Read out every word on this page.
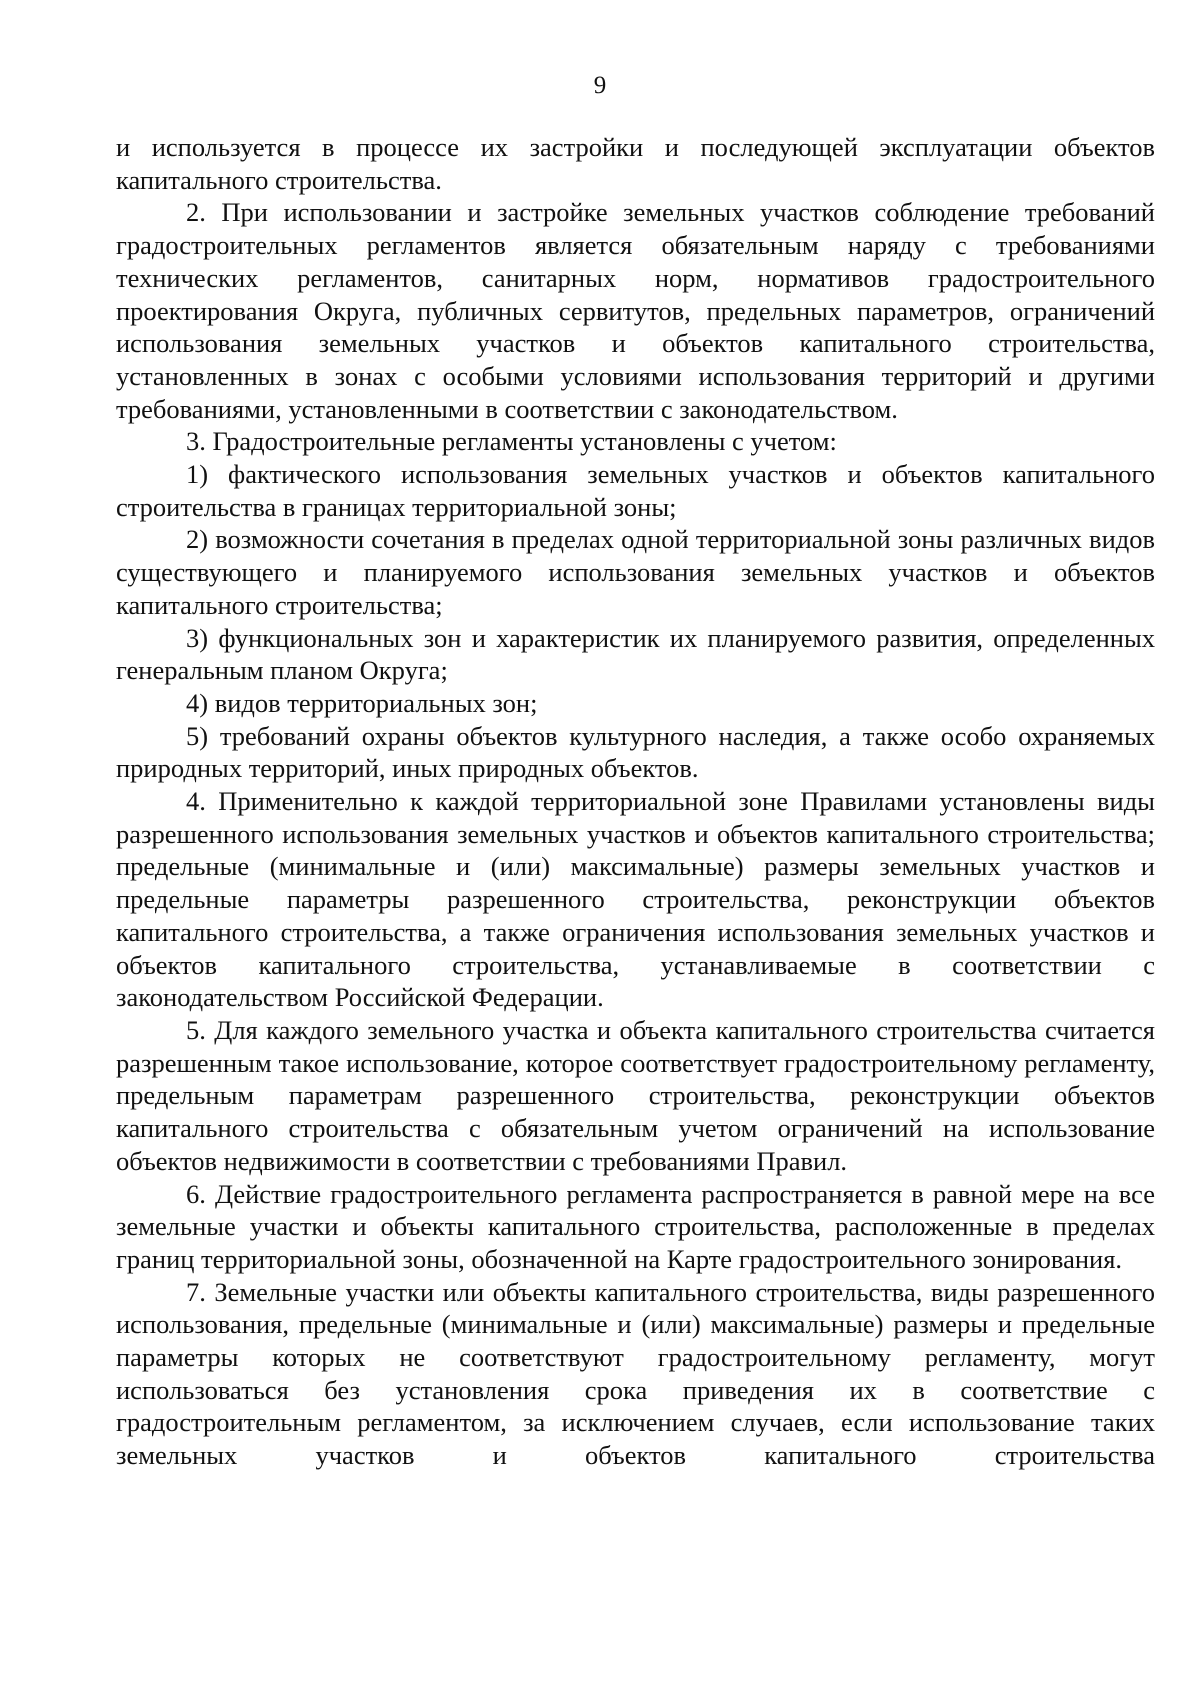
9

и используется в процессе их застройки и последующей эксплуатации объектов капитального строительства.

2. При использовании и застройке земельных участков соблюдение требований градостроительных регламентов является обязательным наряду с требованиями технических регламентов, санитарных норм, нормативов градостроительного проектирования Округа, публичных сервитутов, предельных параметров, ограничений использования земельных участков и объектов капитального строительства, установленных в зонах с особыми условиями использования территорий и другими требованиями, установленными в соответствии с законодательством.

3. Градостроительные регламенты установлены с учетом:

1) фактического использования земельных участков и объектов капитального строительства в границах территориальной зоны;

2) возможности сочетания в пределах одной территориальной зоны различных видов существующего и планируемого использования земельных участков и объектов капитального строительства;

3) функциональных зон и характеристик их планируемого развития, определенных генеральным планом Округа;

4) видов территориальных зон;

5) требований охраны объектов культурного наследия, а также особо охраняемых природных территорий, иных природных объектов.

4. Применительно к каждой территориальной зоне Правилами установлены виды разрешенного использования земельных участков и объектов капитального строительства; предельные (минимальные и (или) максимальные) размеры земельных участков и предельные параметры разрешенного строительства, реконструкции объектов капитального строительства, а также ограничения использования земельных участков и объектов капитального строительства, устанавливаемые в соответствии с законодательством Российской Федерации.

5. Для каждого земельного участка и объекта капитального строительства считается разрешенным такое использование, которое соответствует градостроительному регламенту, предельным параметрам разрешенного строительства, реконструкции объектов капитального строительства с обязательным учетом ограничений на использование объектов недвижимости в соответствии с требованиями Правил.

6. Действие градостроительного регламента распространяется в равной мере на все земельные участки и объекты капитального строительства, расположенные в пределах границ территориальной зоны, обозначенной на Карте градостроительного зонирования.

7. Земельные участки или объекты капитального строительства, виды разрешенного использования, предельные (минимальные и (или) максимальные) размеры и предельные параметры которых не соответствуют градостроительному регламенту, могут использоваться без установления срока приведения их в соответствие с градостроительным регламентом, за исключением случаев, если использование таких земельных участков и объектов капитального строительства
